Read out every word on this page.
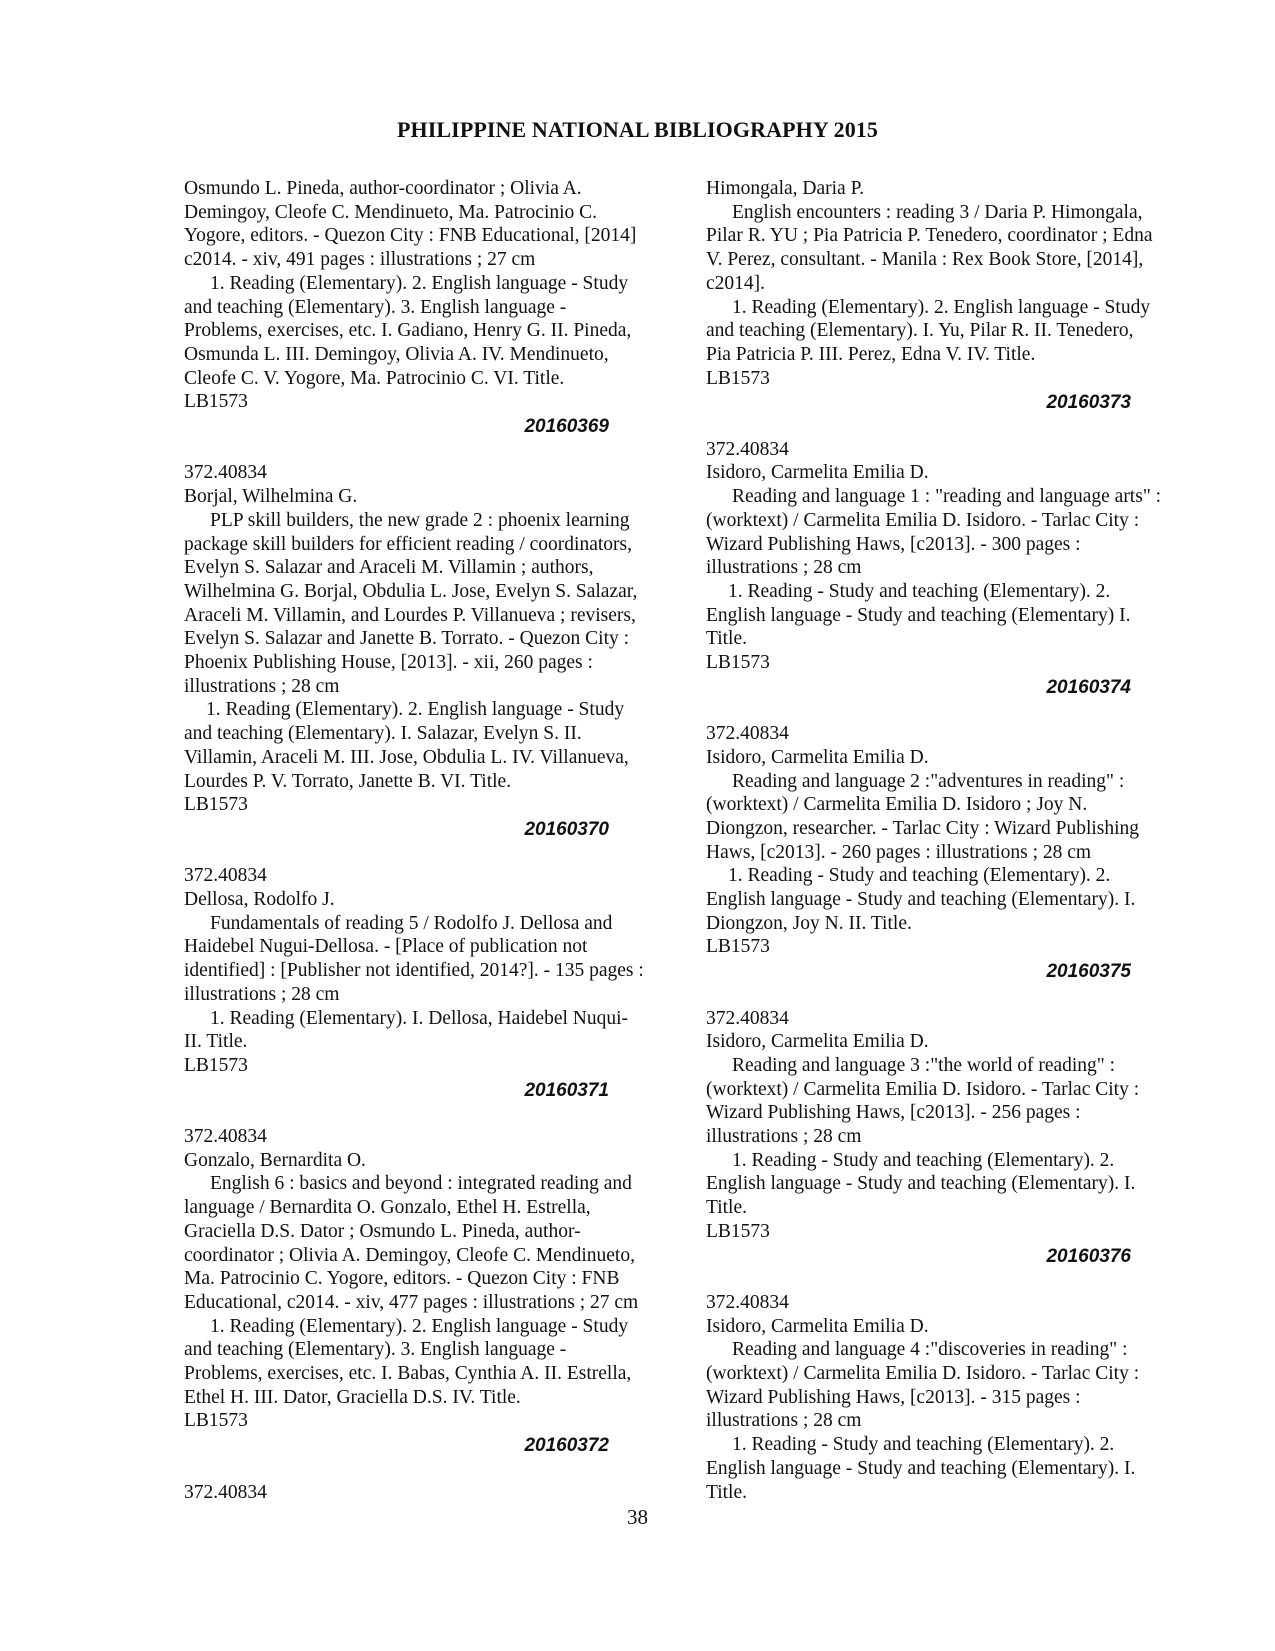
PHILIPPINE NATIONAL BIBLIOGRAPHY 2015
Osmundo L. Pineda, author-coordinator ; Olivia A.
Demingoy, Cleofe C. Mendinueto, Ma. Patrocinio C.
Yogore, editors. - Quezon City : FNB Educational, [2014]
c2014. - xiv, 491 pages : illustrations ; 27 cm
1. Reading (Elementary). 2. English language - Study
and teaching (Elementary). 3. English language -
Problems, exercises, etc. I. Gadiano, Henry G. II. Pineda,
Osmunda L. III. Demingoy, Olivia A. IV. Mendinueto,
Cleofe C. V. Yogore, Ma. Patrocinio C. VI. Title.
LB1573
20160369
372.40834
Borjal, Wilhelmina G.
PLP skill builders, the new grade 2 : phoenix learning
package skill builders for efficient reading / coordinators,
Evelyn S. Salazar and Araceli M. Villamin ; authors,
Wilhelmina G. Borjal, Obdulia L. Jose, Evelyn S. Salazar,
Araceli M. Villamin, and Lourdes P. Villanueva ; revisers,
Evelyn S. Salazar and Janette B. Torrato. - Quezon City :
Phoenix Publishing House, [2013]. - xii, 260 pages :
illustrations ; 28 cm
1. Reading (Elementary). 2. English language - Study
and teaching (Elementary). I. Salazar, Evelyn S. II.
Villamin, Araceli M. III. Jose, Obdulia L. IV. Villanueva,
Lourdes P. V. Torrato, Janette B. VI. Title.
LB1573
20160370
372.40834
Dellosa, Rodolfo J.
Fundamentals of reading 5 / Rodolfo J. Dellosa and
Haidebel Nugui-Dellosa. - [Place of publication not
identified] : [Publisher not identified, 2014?]. - 135 pages :
illustrations ; 28 cm
1. Reading (Elementary). I. Dellosa, Haidebel Nuqui-
II. Title.
LB1573
20160371
372.40834
Gonzalo, Bernardita O.
English 6 : basics and beyond : integrated reading and
language / Bernardita O. Gonzalo, Ethel H. Estrella,
Graciella D.S. Dator ; Osmundo L. Pineda, author-
coordinator ; Olivia A. Demingoy, Cleofe C. Mendinueto,
Ma. Patrocinio C. Yogore, editors. - Quezon City : FNB
Educational, c2014. - xiv, 477 pages : illustrations ; 27 cm
1. Reading (Elementary). 2. English language - Study
and teaching (Elementary). 3. English language -
Problems, exercises, etc. I. Babas, Cynthia A. II. Estrella,
Ethel H. III. Dator, Graciella D.S. IV. Title.
LB1573
20160372
372.40834
Himongala, Daria P.
English encounters : reading 3 / Daria P. Himongala,
Pilar R. YU ; Pia Patricia P. Tenedero, coordinator ; Edna
V. Perez, consultant. - Manila : Rex Book Store, [2014],
c2014].
1. Reading (Elementary). 2. English language - Study
and teaching (Elementary). I. Yu, Pilar R. II. Tenedero,
Pia Patricia P. III. Perez, Edna V. IV. Title.
LB1573
20160373
372.40834
Isidoro, Carmelita Emilia D.
Reading and language 1 : "reading and language arts" :
(worktext) / Carmelita Emilia D. Isidoro. - Tarlac City :
Wizard Publishing Haws, [c2013]. - 300 pages :
illustrations ; 28 cm
1. Reading - Study and teaching (Elementary). 2.
English language - Study and teaching (Elementary) I.
Title.
LB1573
20160374
372.40834
Isidoro, Carmelita Emilia D.
Reading and language 2 :"adventures in reading" :
(worktext) / Carmelita Emilia D. Isidoro ; Joy N.
Diongzon, researcher. - Tarlac City : Wizard Publishing
Haws, [c2013]. - 260 pages : illustrations ; 28 cm
1. Reading - Study and teaching (Elementary). 2.
English language - Study and teaching (Elementary). I.
Diongzon, Joy N. II. Title.
LB1573
20160375
372.40834
Isidoro, Carmelita Emilia D.
Reading and language 3 :"the world of reading" :
(worktext) / Carmelita Emilia D. Isidoro. - Tarlac City :
Wizard Publishing Haws, [c2013]. - 256 pages :
illustrations ; 28 cm
1. Reading - Study and teaching (Elementary). 2.
English language - Study and teaching (Elementary). I.
Title.
LB1573
20160376
372.40834
Isidoro, Carmelita Emilia D.
Reading and language 4 :"discoveries in reading" :
(worktext) / Carmelita Emilia D. Isidoro. - Tarlac City :
Wizard Publishing Haws, [c2013]. - 315 pages :
illustrations ; 28 cm
1. Reading - Study and teaching (Elementary). 2.
English language - Study and teaching (Elementary). I.
Title.
38
